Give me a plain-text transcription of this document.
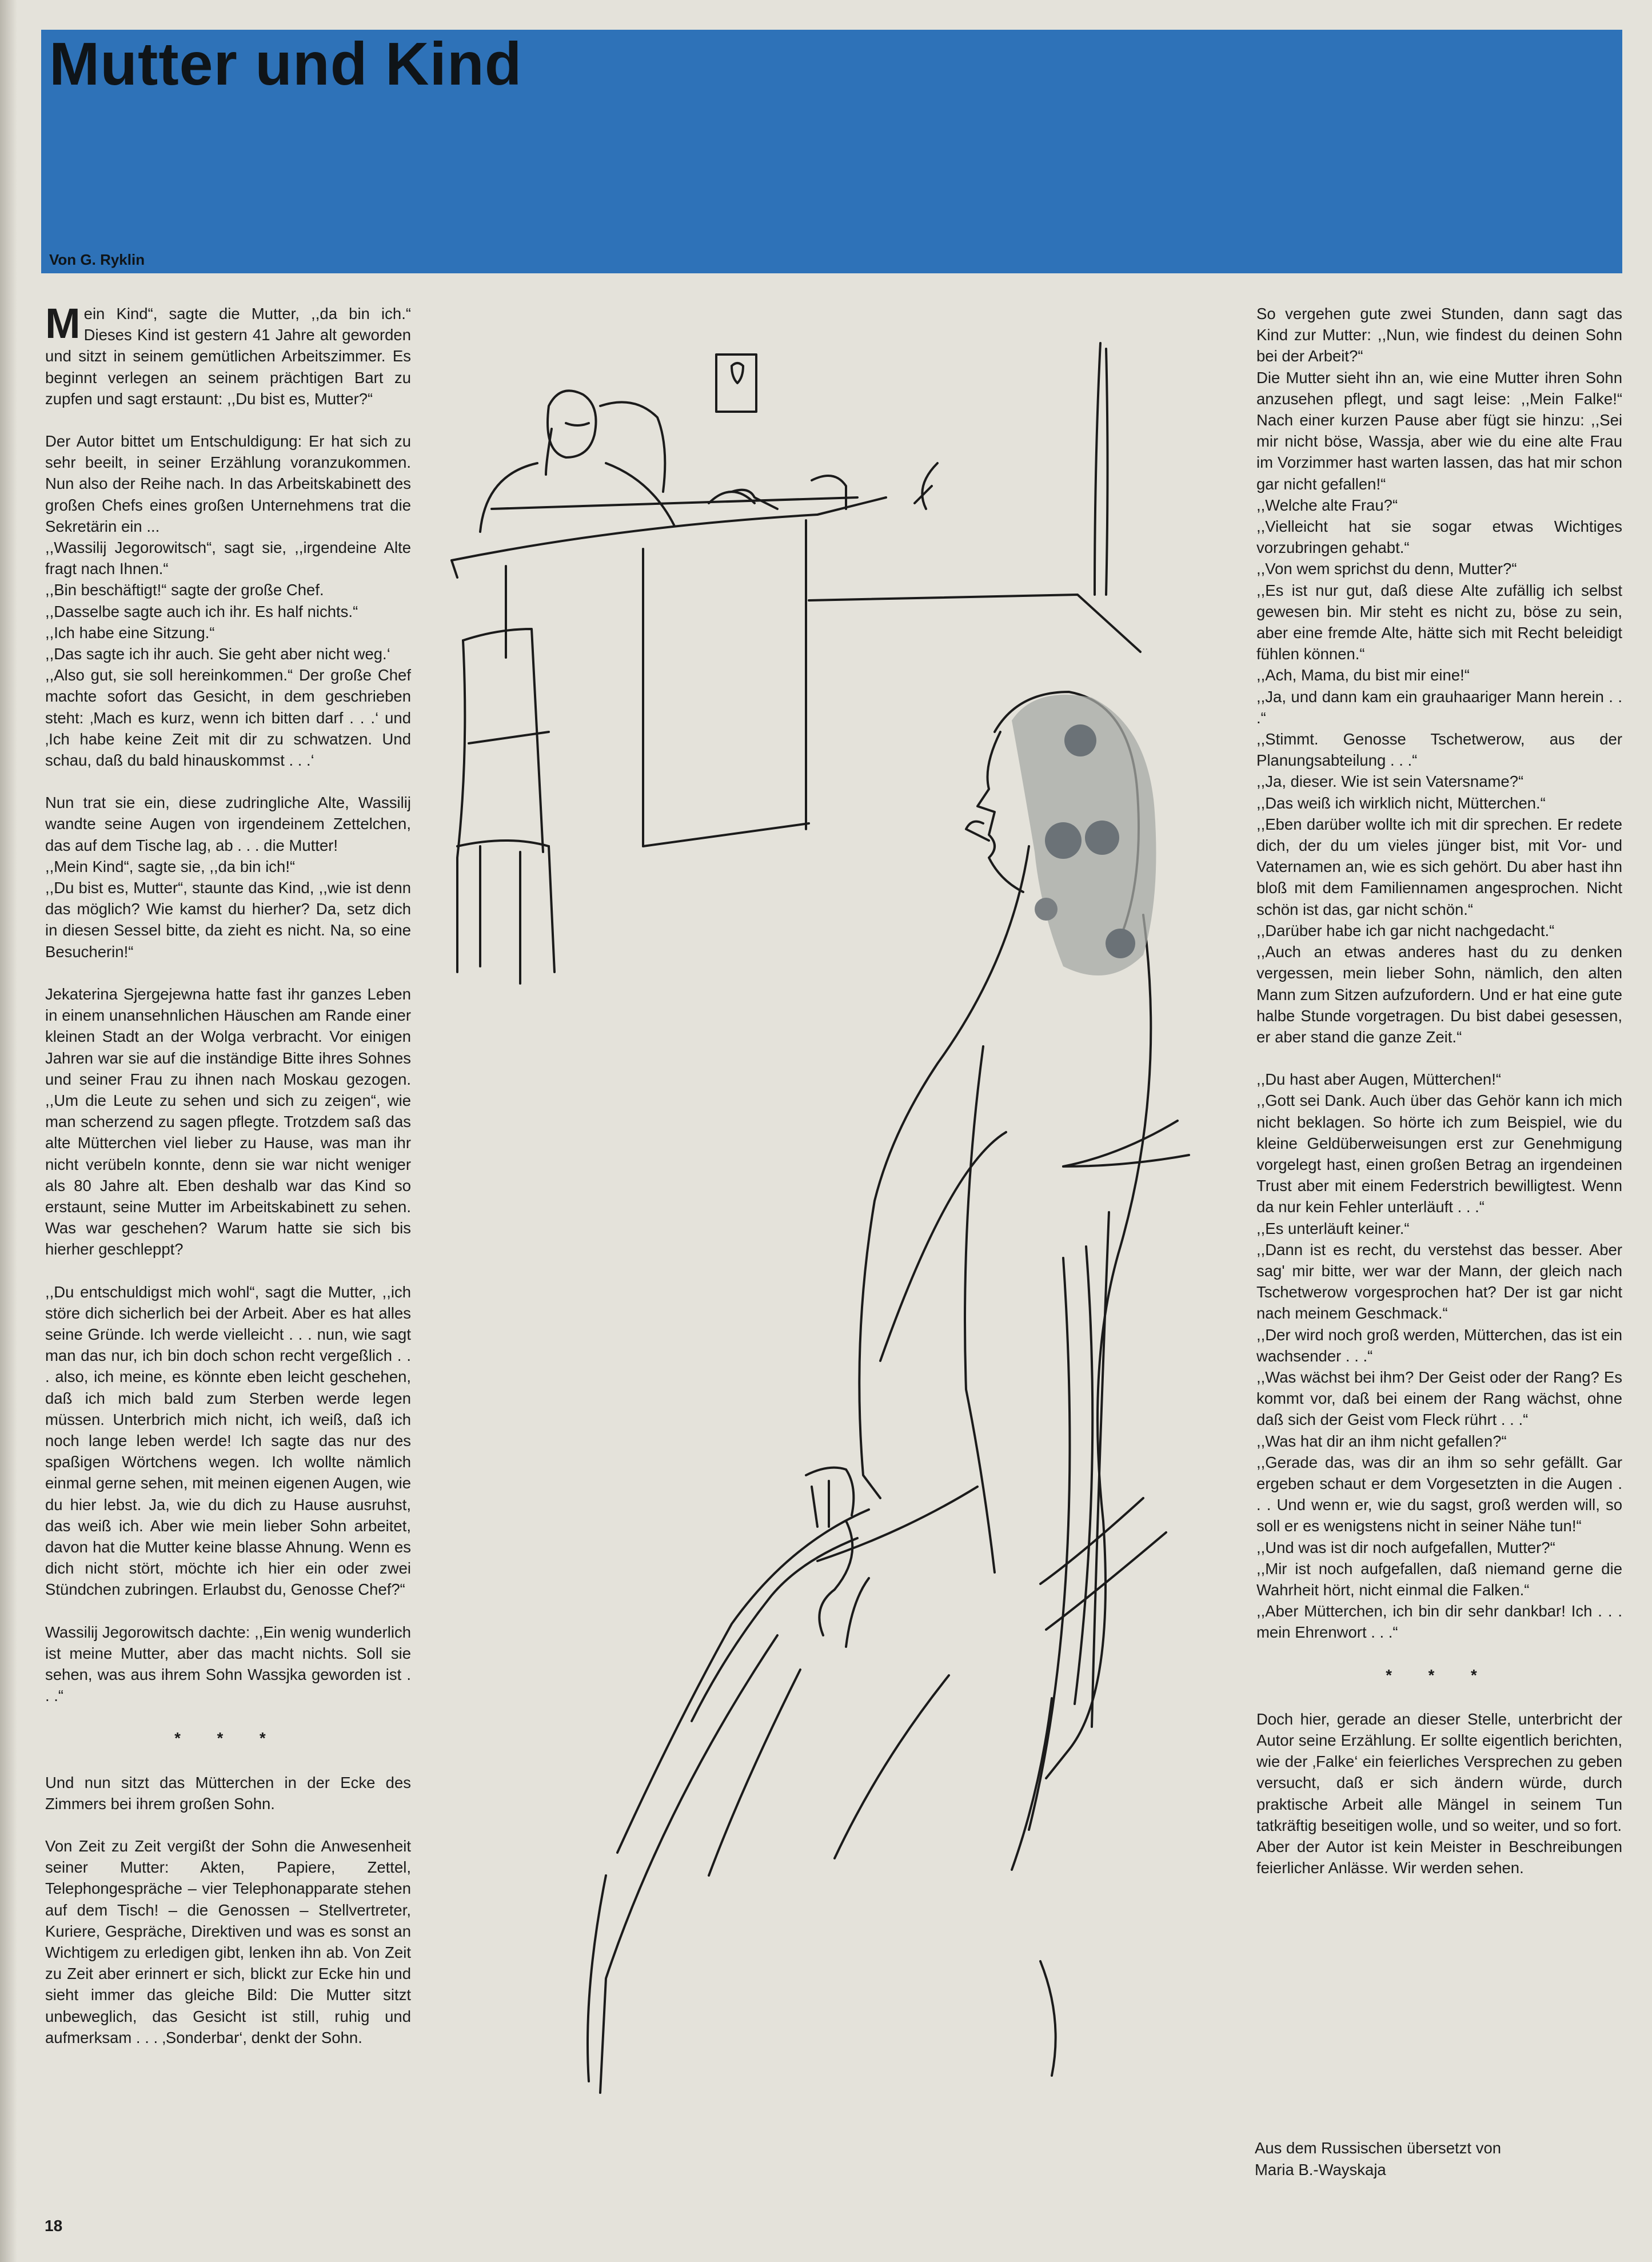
Mutter und Kind

Von G. Ryklin

Mein Kind“, sagte die Mutter, ,,da bin ich.“ Dieses Kind ist gestern 41 Jahre alt geworden und sitzt in seinem gemütlichen Arbeitszimmer. Es beginnt verlegen an seinem prächtigen Bart zu zupfen und sagt erstaunt: ,,Du bist es, Mutter?“

Der Autor bittet um Entschuldigung: Er hat sich zu sehr beeilt, in seiner Erzählung voranzukommen. Nun also der Reihe nach. In das Arbeitskabinett des großen Chefs eines großen Unternehmens trat die Sekretärin ein ...
,,Wassilij Jegorowitsch“, sagt sie, ,,irgendeine Alte fragt nach Ihnen.“
,,Bin beschäftigt!“ sagte der große Chef.
,,Dasselbe sagte auch ich ihr. Es half nichts.“
,,Ich habe eine Sitzung.“
,,Das sagte ich ihr auch. Sie geht aber nicht weg.‘
,,Also gut, sie soll hereinkommen.“ Der große Chef machte sofort das Gesicht, in dem geschrieben steht: ‚Mach es kurz, wenn ich bitten darf . . .‘ und ‚Ich habe keine Zeit mit dir zu schwatzen. Und schau, daß du bald hinauskommst . . .‘

Nun trat sie ein, diese zudringliche Alte, Wassilij wandte seine Augen von irgendeinem Zettelchen, das auf dem Tische lag, ab . . . die Mutter!
,,Mein Kind“, sagte sie, ,,da bin ich!“
,,Du bist es, Mutter“, staunte das Kind, ,,wie ist denn das möglich? Wie kamst du hierher? Da, setz dich in diesen Sessel bitte, da zieht es nicht. Na, so eine Besucherin!“

Jekaterina Sjergejewna hatte fast ihr ganzes Leben in einem unansehnlichen Häuschen am Rande einer kleinen Stadt an der Wolga verbracht. Vor einigen Jahren war sie auf die inständige Bitte ihres Sohnes und seiner Frau zu ihnen nach Moskau gezogen. ,,Um die Leute zu sehen und sich zu zeigen“, wie man scherzend zu sagen pflegte. Trotzdem saß das alte Mütterchen viel lieber zu Hause, was man ihr nicht verübeln konnte, denn sie war nicht weniger als 80 Jahre alt. Eben deshalb war das Kind so erstaunt, seine Mutter im Arbeitskabinett zu sehen. Was war geschehen? Warum hatte sie sich bis hierher geschleppt?

,,Du entschuldigst mich wohl“, sagt die Mutter, ,,ich störe dich sicherlich bei der Arbeit. Aber es hat alles seine Gründe. Ich werde vielleicht . . . nun, wie sagt man das nur, ich bin doch schon recht vergeßlich . . . also, ich meine, es könnte eben leicht geschehen, daß ich mich bald zum Sterben werde legen müssen. Unterbrich mich nicht, ich weiß, daß ich noch lange leben werde! Ich sagte das nur des spaßigen Wörtchens wegen. Ich wollte nämlich einmal gerne sehen, mit meinen eigenen Augen, wie du hier lebst. Ja, wie du dich zu Hause ausruhst, das weiß ich. Aber wie mein lieber Sohn arbeitet, davon hat die Mutter keine blasse Ahnung. Wenn es dich nicht stört, möchte ich hier ein oder zwei Stündchen zubringen. Erlaubst du, Genosse Chef?“

Wassilij Jegorowitsch dachte: ,,Ein wenig wunderlich ist meine Mutter, aber das macht nichts. Soll sie sehen, was aus ihrem Sohn Wassjka geworden ist . . .“

* * *

Und nun sitzt das Mütterchen in der Ecke des Zimmers bei ihrem großen Sohn.

Von Zeit zu Zeit vergißt der Sohn die Anwesenheit seiner Mutter: Akten, Papiere, Zettel, Telephongespräche – vier Telephonapparate stehen auf dem Tisch! – die Genossen – Stellvertreter, Kuriere, Gespräche, Direktiven und was es sonst an Wichtigem zu erledigen gibt, lenken ihn ab. Von Zeit zu Zeit aber erinnert er sich, blickt zur Ecke hin und sieht immer das gleiche Bild: Die Mutter sitzt unbeweglich, das Gesicht ist still, ruhig und aufmerksam . . . ‚Sonderbar‘, denkt der Sohn.

So vergehen gute zwei Stunden, dann sagt das Kind zur Mutter: ,,Nun, wie findest du deinen Sohn bei der Arbeit?“
Die Mutter sieht ihn an, wie eine Mutter ihren Sohn anzusehen pflegt, und sagt leise: ,,Mein Falke!“ Nach einer kurzen Pause aber fügt sie hinzu: ,,Sei mir nicht böse, Wassja, aber wie du eine alte Frau im Vorzimmer hast warten lassen, das hat mir schon gar nicht gefallen!“
,,Welche alte Frau?“
,,Vielleicht hat sie sogar etwas Wichtiges vorzubringen gehabt.“
,,Von wem sprichst du denn, Mutter?“
,,Es ist nur gut, daß diese Alte zufällig ich selbst gewesen bin. Mir steht es nicht zu, böse zu sein, aber eine fremde Alte, hätte sich mit Recht beleidigt fühlen können.“
,,Ach, Mama, du bist mir eine!“
,,Ja, und dann kam ein grauhaariger Mann herein . . .“
,,Stimmt. Genosse Tschetwerow, aus der Planungsabteilung . . .“
,,Ja, dieser. Wie ist sein Vatersname?“
,,Das weiß ich wirklich nicht, Mütterchen.“
,,Eben darüber wollte ich mit dir sprechen. Er redete dich, der du um vieles jünger bist, mit Vor- und Vaternamen an, wie es sich gehört. Du aber hast ihn bloß mit dem Familiennamen angesprochen. Nicht schön ist das, gar nicht schön.“
,,Darüber habe ich gar nicht nachgedacht.“
,,Auch an etwas anderes hast du zu denken vergessen, mein lieber Sohn, nämlich, den alten Mann zum Sitzen aufzufordern. Und er hat eine gute halbe Stunde vorgetragen. Du bist dabei gesessen, er aber stand die ganze Zeit.“

,,Du hast aber Augen, Mütterchen!“
,,Gott sei Dank. Auch über das Gehör kann ich mich nicht beklagen. So hörte ich zum Beispiel, wie du kleine Geldüberweisungen erst zur Genehmigung vorgelegt hast, einen großen Betrag an irgendeinen Trust aber mit einem Federstrich bewilligtest. Wenn da nur kein Fehler unterläuft . . .“
,,Es unterläuft keiner.“
,,Dann ist es recht, du verstehst das besser. Aber sag' mir bitte, wer war der Mann, der gleich nach Tschetwerow vorgesprochen hat? Der ist gar nicht nach meinem Geschmack.“
,,Der wird noch groß werden, Mütterchen, das ist ein wachsender . . .“
,,Was wächst bei ihm? Der Geist oder der Rang? Es kommt vor, daß bei einem der Rang wächst, ohne daß sich der Geist vom Fleck rührt . . .“
,,Was hat dir an ihm nicht gefallen?“
,,Gerade das, was dir an ihm so sehr gefällt. Gar ergeben schaut er dem Vorgesetzten in die Augen . . . Und wenn er, wie du sagst, groß werden will, so soll er es wenigstens nicht in seiner Nähe tun!“
,,Und was ist dir noch aufgefallen, Mutter?“
,,Mir ist noch aufgefallen, daß niemand gerne die Wahrheit hört, nicht einmal die Falken.“
,,Aber Mütterchen, ich bin dir sehr dankbar! Ich . . . mein Ehrenwort . . .“

* * *

Doch hier, gerade an dieser Stelle, unterbricht der Autor seine Erzählung. Er sollte eigentlich berichten, wie der ‚Falke‘ ein feierliches Versprechen zu geben versucht, daß er sich ändern würde, durch praktische Arbeit alle Mängel in seinem Tun tatkräftig beseitigen wolle, und so weiter, und so fort.
Aber der Autor ist kein Meister in Beschreibungen feierlicher Anlässe. Wir werden sehen.

Aus dem Russischen übersetzt von
Maria B.-Wayskaja
18
